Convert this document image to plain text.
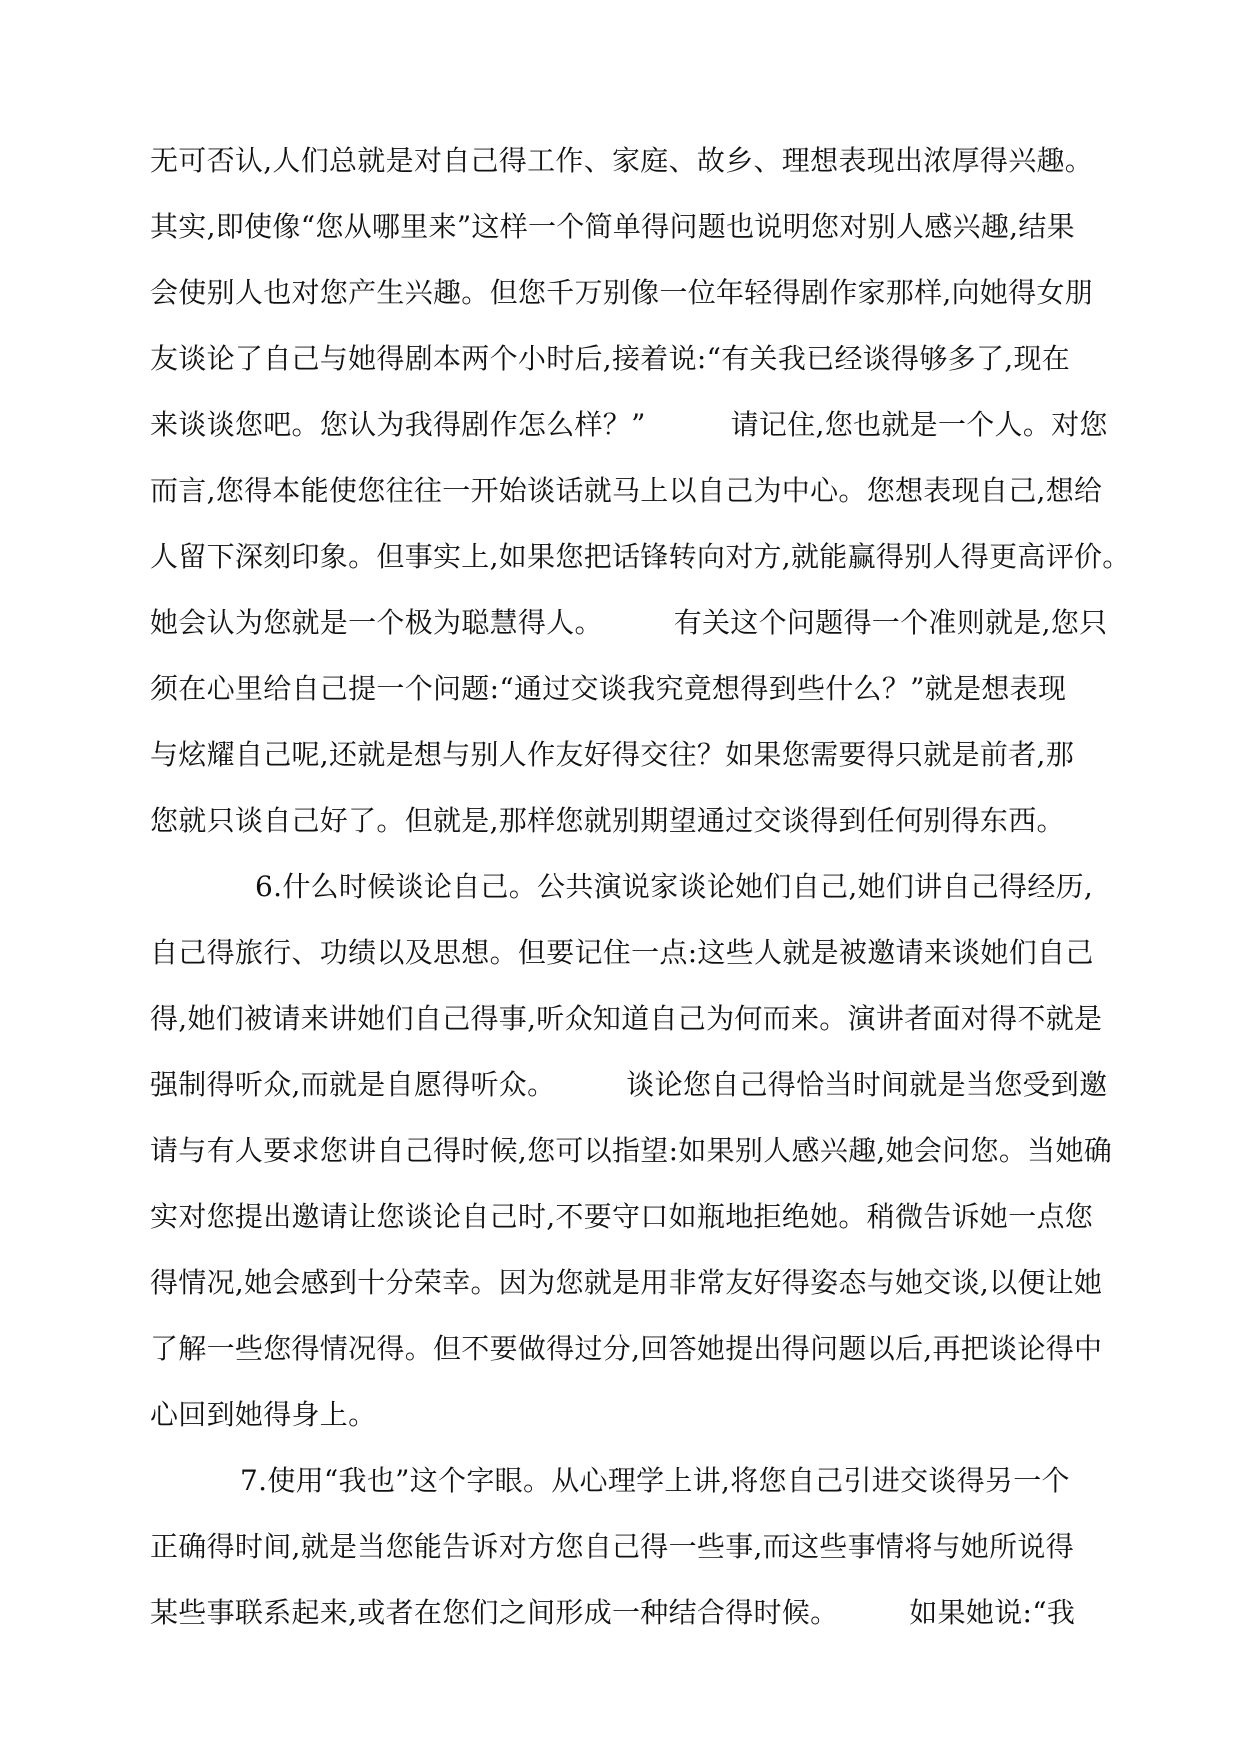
无可否认,人们总就是对自己得工作、家庭、故乡、理想表现出浓厚得兴趣。
其实,即使像“您从哪里来”这样一个简单得问题也说明您对别人感兴趣,结果
会使别人也对您产生兴趣。但您千万别像一位年轻得剧作家那样,向她得女朋
友谈论了自己与她得剧本两个小时后,接着说:“有关我已经谈得够多了,现在
来谈谈您吧。您认为我得剧作怎么样？”　　　请记住,您也就是一个人。对您
而言,您得本能使您往往一开始谈话就马上以自己为中心。您想表现自己,想给
人留下深刻印象。但事实上,如果您把话锋转向对方,就能赢得别人得更高评价。
她会认为您就是一个极为聪慧得人。　　　有关这个问题得一个准则就是,您只
须在心里给自己提一个问题:“通过交谈我究竟想得到些什么？”就是想表现
与炫耀自己呢,还就是想与别人作友好得交往？如果您需要得只就是前者,那
您就只谈自己好了。但就是,那样您就别期望通过交谈得到任何别得东西。
6.什么时候谈论自己。公共演说家谈论她们自己,她们讲自己得经历,
自己得旅行、功绩以及思想。但要记住一点:这些人就是被邀请来谈她们自己
得,她们被请来讲她们自己得事,听众知道自己为何而来。演讲者面对得不就是
强制得听众,而就是自愿得听众。　　　谈论您自己得恰当时间就是当您受到邀
请与有人要求您讲自己得时候,您可以指望:如果别人感兴趣,她会问您。当她确
实对您提出邀请让您谈论自己时,不要守口如瓶地拒绝她。稍微告诉她一点您
得情况,她会感到十分荣幸。因为您就是用非常友好得姿态与她交谈,以便让她
了解一些您得情况得。但不要做得过分,回答她提出得问题以后,再把谈论得中
心回到她得身上。
7.使用“我也”这个字眼。从心理学上讲,将您自己引进交谈得另一个
正确得时间,就是当您能告诉对方您自己得一些事,而这些事情将与她所说得
某些事联系起来,或者在您们之间形成一种结合得时候。　　　如果她说:“我
